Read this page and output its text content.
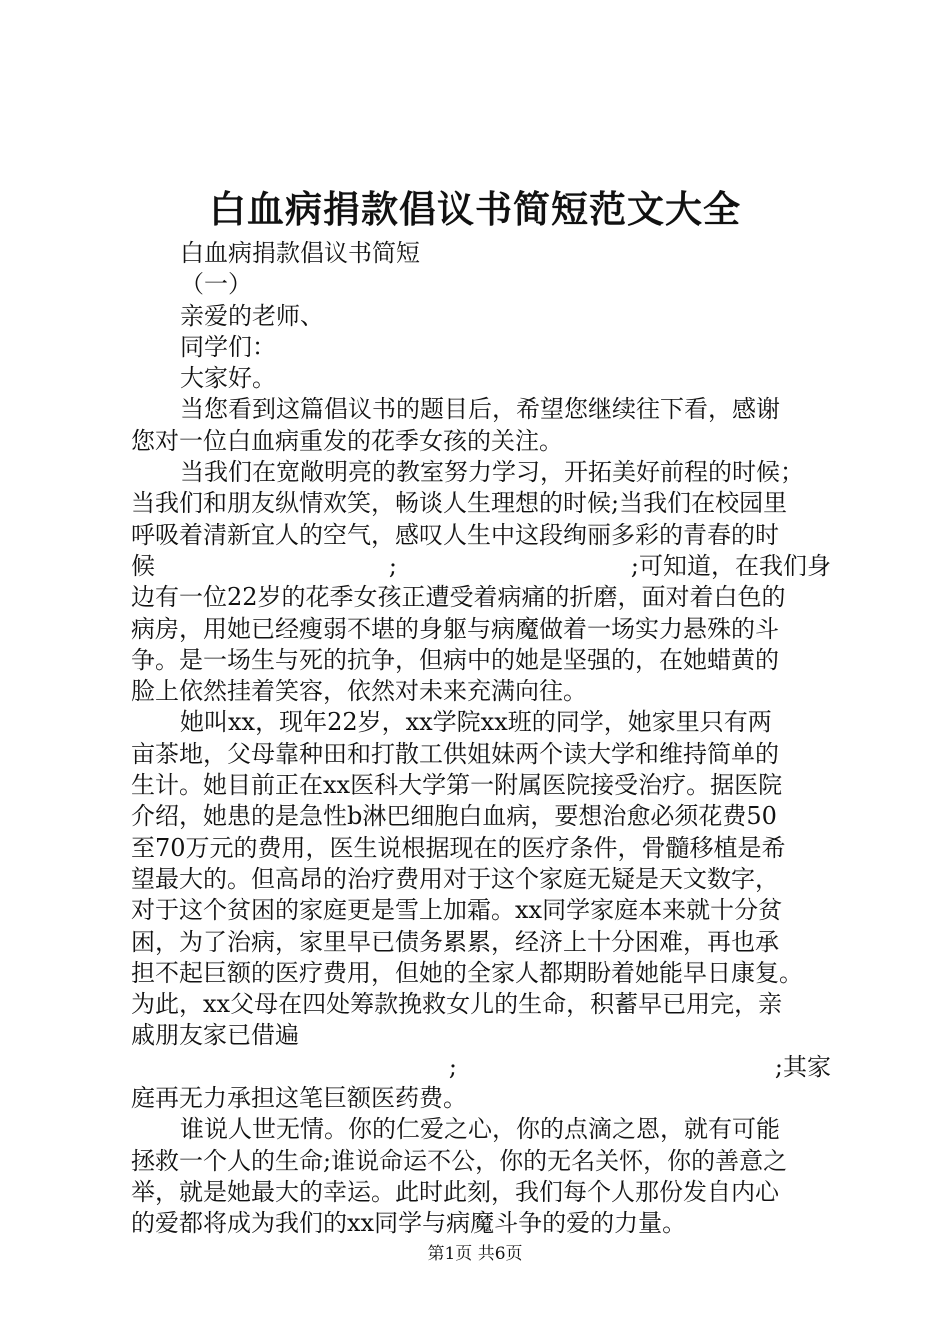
白血病捐款倡议书简短范文大全
白血病捐款倡议书简短
（一）
亲爱的老师、
同学们：
大家好。
当您看到这篇倡议书的题目后，希望您继续往下看，感谢
您对一位白血病重发的花季女孩的关注。
当我们在宽敞明亮的教室努力学习，开拓美好前程的时候；
当我们和朋友纵情欢笑，畅谈人生理想的时候;当我们在校园里
呼吸着清新宜人的空气，感叹人生中这段绚丽多彩的青春的时
候	;	;可知道，在我们身
边有一位22岁的花季女孩正遭受着病痛的折磨，面对着白色的
病房，用她已经瘦弱不堪的身躯与病魔做着一场实力悬殊的斗
争。是一场生与死的抗争，但病中的她是坚强的，在她蜡黄的
脸上依然挂着笑容，依然对未来充满向往。
她叫xx，现年22岁，xx学院xx班的同学，她家里只有两
亩茶地，父母靠种田和打散工供姐妹两个读大学和维持简单的
生计。她目前正在xx医科大学第一附属医院接受治疗。据医院
介绍，她患的是急性b淋巴细胞白血病，要想治愈必须花费50
至70万元的费用，医生说根据现在的医疗条件，骨髓移植是希
望最大的。但高昂的治疗费用对于这个家庭无疑是天文数字，
对于这个贫困的家庭更是雪上加霜。xx同学家庭本来就十分贫
困，为了治病，家里早已债务累累，经济上十分困难，再也承
担不起巨额的医疗费用，但她的全家人都期盼着她能早日康复。
为此，xx父母在四处筹款挽救女儿的生命，积蓄早已用完，亲
戚朋友家已借遍
;	;其家
庭再无力承担这笔巨额医药费。
谁说人世无情。你的仁爱之心，你的点滴之恩，就有可能
拯救一个人的生命;谁说命运不公，你的无名关怀，你的善意之
举，就是她最大的幸运。此时此刻，我们每个人那份发自内心
的爱都将成为我们的xx同学与病魔斗争的爱的力量。
第1页 共6页
